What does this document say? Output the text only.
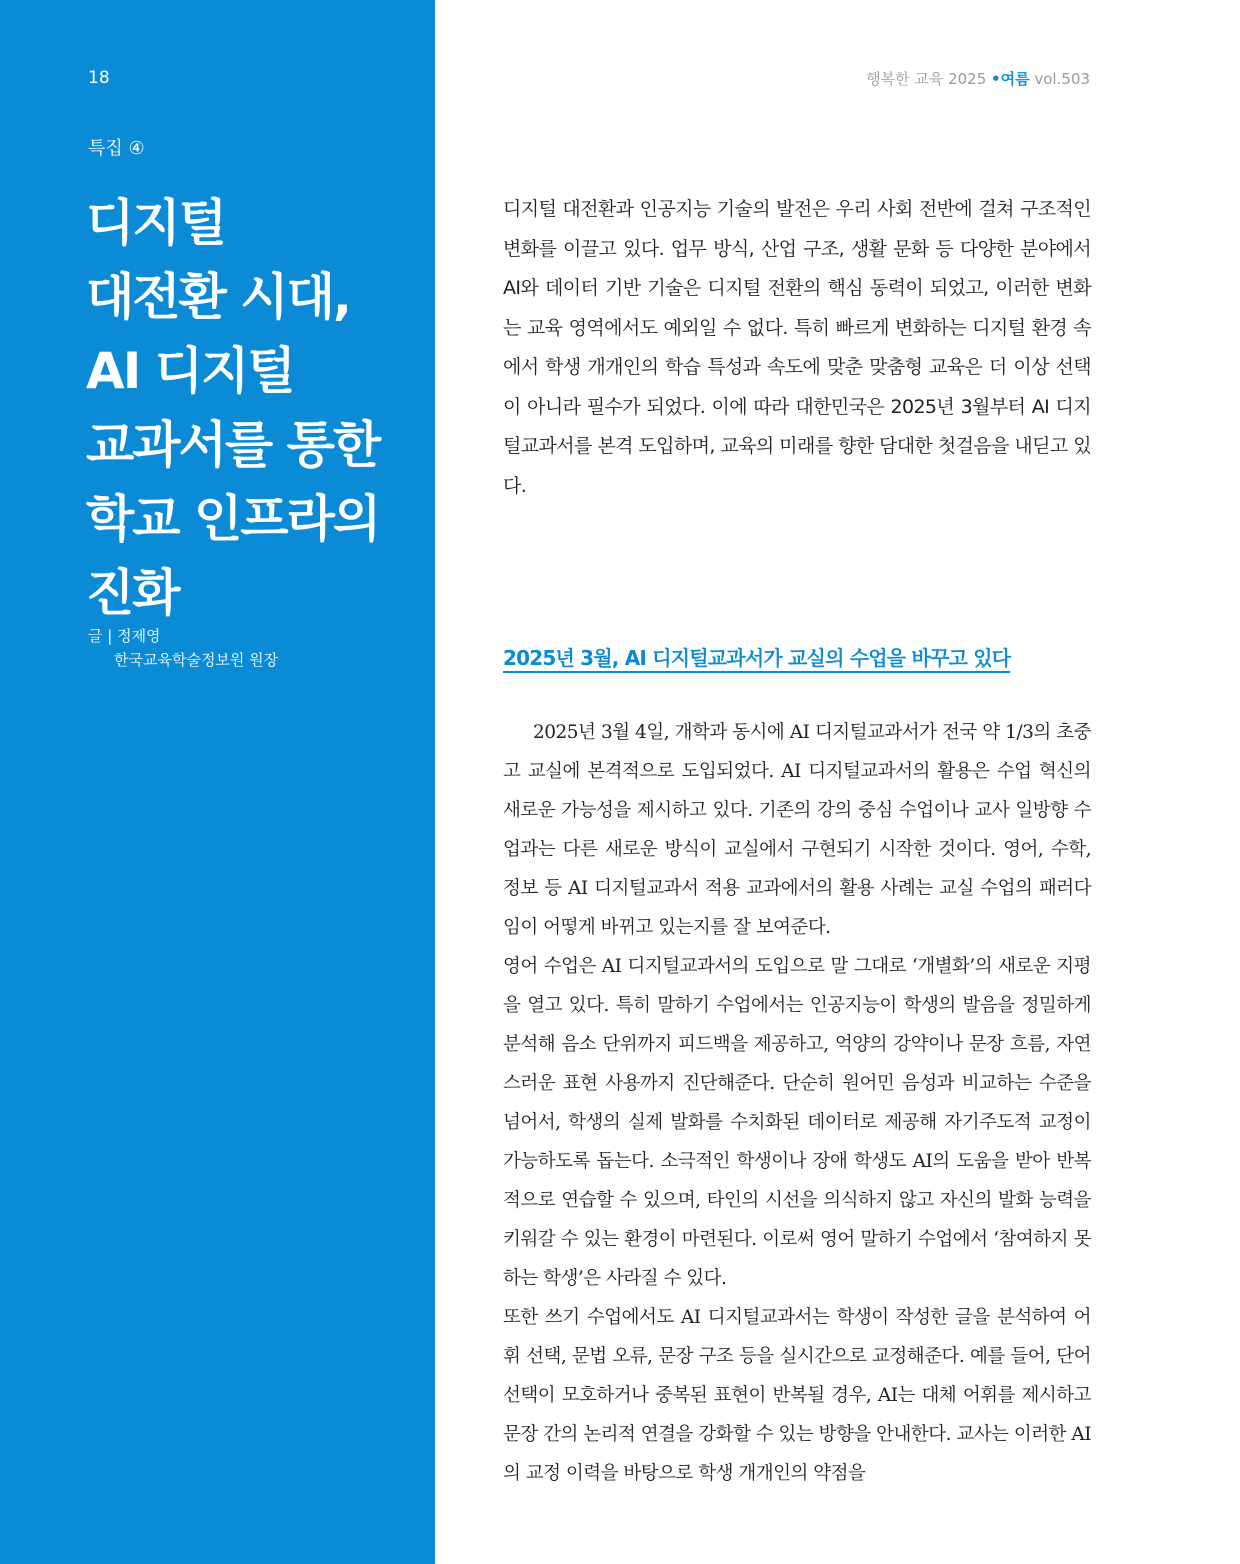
18
특집 ④
디지털
대전환 시대,
AI 디지털
교과서를 통한
학교 인프라의
진화
글 | 정제영
한국교육학술정보원 원장
행복한 교육 2025 •여름 vol.503
디지털 대전환과 인공지능 기술의 발전은 우리 사회 전반에 걸쳐 구조적인 변화를 이끌고 있다. 업무 방식, 산업 구조, 생활 문화 등 다양한 분야에서 AI와 데이터 기반 기술은 디지털 전환의 핵심 동력이 되었고, 이러한 변화는 교육 영역에서도 예외일 수 없다. 특히 빠르게 변화하는 디지털 환경 속에서 학생 개개인의 학습 특성과 속도에 맞춘 맞춤형 교육은 더 이상 선택이 아니라 필수가 되었다. 이에 따라 대한민국은 2025년 3월부터 AI 디지털교과서를 본격 도입하며, 교육의 미래를 향한 담대한 첫걸음을 내딛고 있다.
2025년 3월, AI 디지털교과서가 교실의 수업을 바꾸고 있다

2025년 3월 4일, 개학과 동시에 AI 디지털교과서가 전국 약 1/3의 초중고 교실에 본격적으로 도입되었다. AI 디지털교과서의 활용은 수업 혁신의 새로운 가능성을 제시하고 있다. 기존의 강의 중심 수업이나 교사 일방향 수업과는 다른 새로운 방식이 교실에서 구현되기 시작한 것이다. 영어, 수학, 정보 등 AI 디지털교과서 적용 교과에서의 활용 사례는 교실 수업의 패러다임이 어떻게 바뀌고 있는지를 잘 보여준다.

영어 수업은 AI 디지털교과서의 도입으로 말 그대로 ‘개별화’의 새로운 지평을 열고 있다. 특히 말하기 수업에서는 인공지능이 학생의 발음을 정밀하게 분석해 음소 단위까지 피드백을 제공하고, 억양의 강약이나 문장 흐름, 자연스러운 표현 사용까지 진단해준다. 단순히 원어민 음성과 비교하는 수준을 넘어서, 학생의 실제 발화를 수치화된 데이터로 제공해 자기주도적 교정이 가능하도록 돕는다. 소극적인 학생이나 장애 학생도 AI의 도움을 받아 반복적으로 연습할 수 있으며, 타인의 시선을 의식하지 않고 자신의 발화 능력을 키워갈 수 있는 환경이 마련된다. 이로써 영어 말하기 수업에서 ‘참여하지 못하는 학생’은 사라질 수 있다.

또한 쓰기 수업에서도 AI 디지털교과서는 학생이 작성한 글을 분석하여 어휘 선택, 문법 오류, 문장 구조 등을 실시간으로 교정해준다. 예를 들어, 단어 선택이 모호하거나 중복된 표현이 반복될 경우, AI는 대체 어휘를 제시하고 문장 간의 논리적 연결을 강화할 수 있는 방향을 안내한다. 교사는 이러한 AI의 교정 이력을 바탕으로 학생 개개인의 약점을
